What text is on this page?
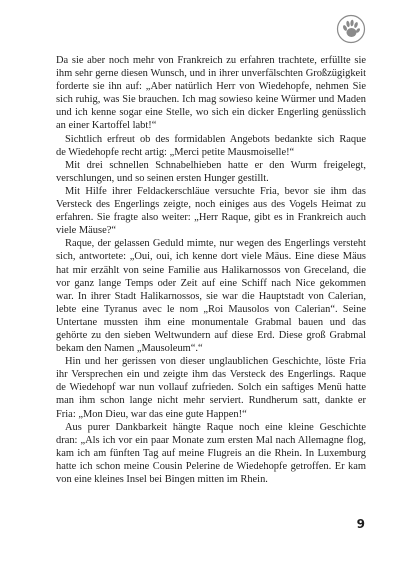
Da sie aber noch mehr von Frankreich zu erfahren trachtete, erfüllte sie
ihm sehr gerne diesen Wunsch, und in ihrer unverfälschten Großzügigkeit
forderte sie ihn auf: „Aber natürlich Herr von Wiedehopfe, nehmen Sie
sich ruhig, was Sie brauchen. Ich mag sowieso keine Würmer und Maden
und ich kenne sogar eine Stelle, wo sich ein dicker Engerling genüsslich
an einer Kartoffel labt!“
Sichtlich erfreut ob des formidablen Angebots bedankte sich Raque
de Wiedehopfe recht artig: „Merci petite Mausmoiselle!“
Mit drei schnellen Schnabelhieben hatte er den Wurm freigelegt,
verschlungen, und so seinen ersten Hunger gestillt.
Mit Hilfe ihrer Feldackerschläue versuchte Fria, bevor sie ihm das
Versteck des Engerlings zeigte, noch einiges aus des Vogels Heimat zu
erfahren. Sie fragte also weiter: „Herr Raque, gibt es in Frankreich auch
viele Mäuse?“
Raque, der gelassen Geduld mimte, nur wegen des Engerlings versteht
sich, antwortete: „Oui, oui, ich kenne dort viele Mäus. Eine diese Mäus
hat mir erzählt von seine Familie aus Halikarnossos von Greceland, die
vor ganz lange Temps oder Zeit auf eine Schiff nach Nice gekommen
war. In ihrer Stadt Halikarnossos, sie war die Hauptstadt von Calerian,
lebte eine Tyranus avec le nom „Roi Mausolos von Calerian“. Seine
Untertane mussten ihm eine monumentale Grabmal bauen und das
gehörte zu den sieben Weltwundern auf diese Erd. Diese groß Grabmal
bekam den Namen „Mausoleum“.“
Hin und her gerissen von dieser unglaublichen Geschichte, löste Fria
ihr Versprechen ein und zeigte ihm das Versteck des Engerlings. Raque
de Wiedehopf war nun vollauf zufrieden. Solch ein saftiges Menü hatte
man ihm schon lange nicht mehr serviert. Rundherum satt, dankte er
Fria: „Mon Dieu, war das eine gute Happen!“
Aus purer Dankbarkeit hängte Raque noch eine kleine Geschichte
dran: „Als ich vor ein paar Monate zum ersten Mal nach Allemagne flog,
kam ich am fünften Tag auf meine Flugreis an die Rhein. In Luxemburg
hatte ich schon meine Cousin Pelerine de Wiedehopfe getroffen. Er kam
von eine kleines Insel bei Bingen mitten im Rhein.
9
